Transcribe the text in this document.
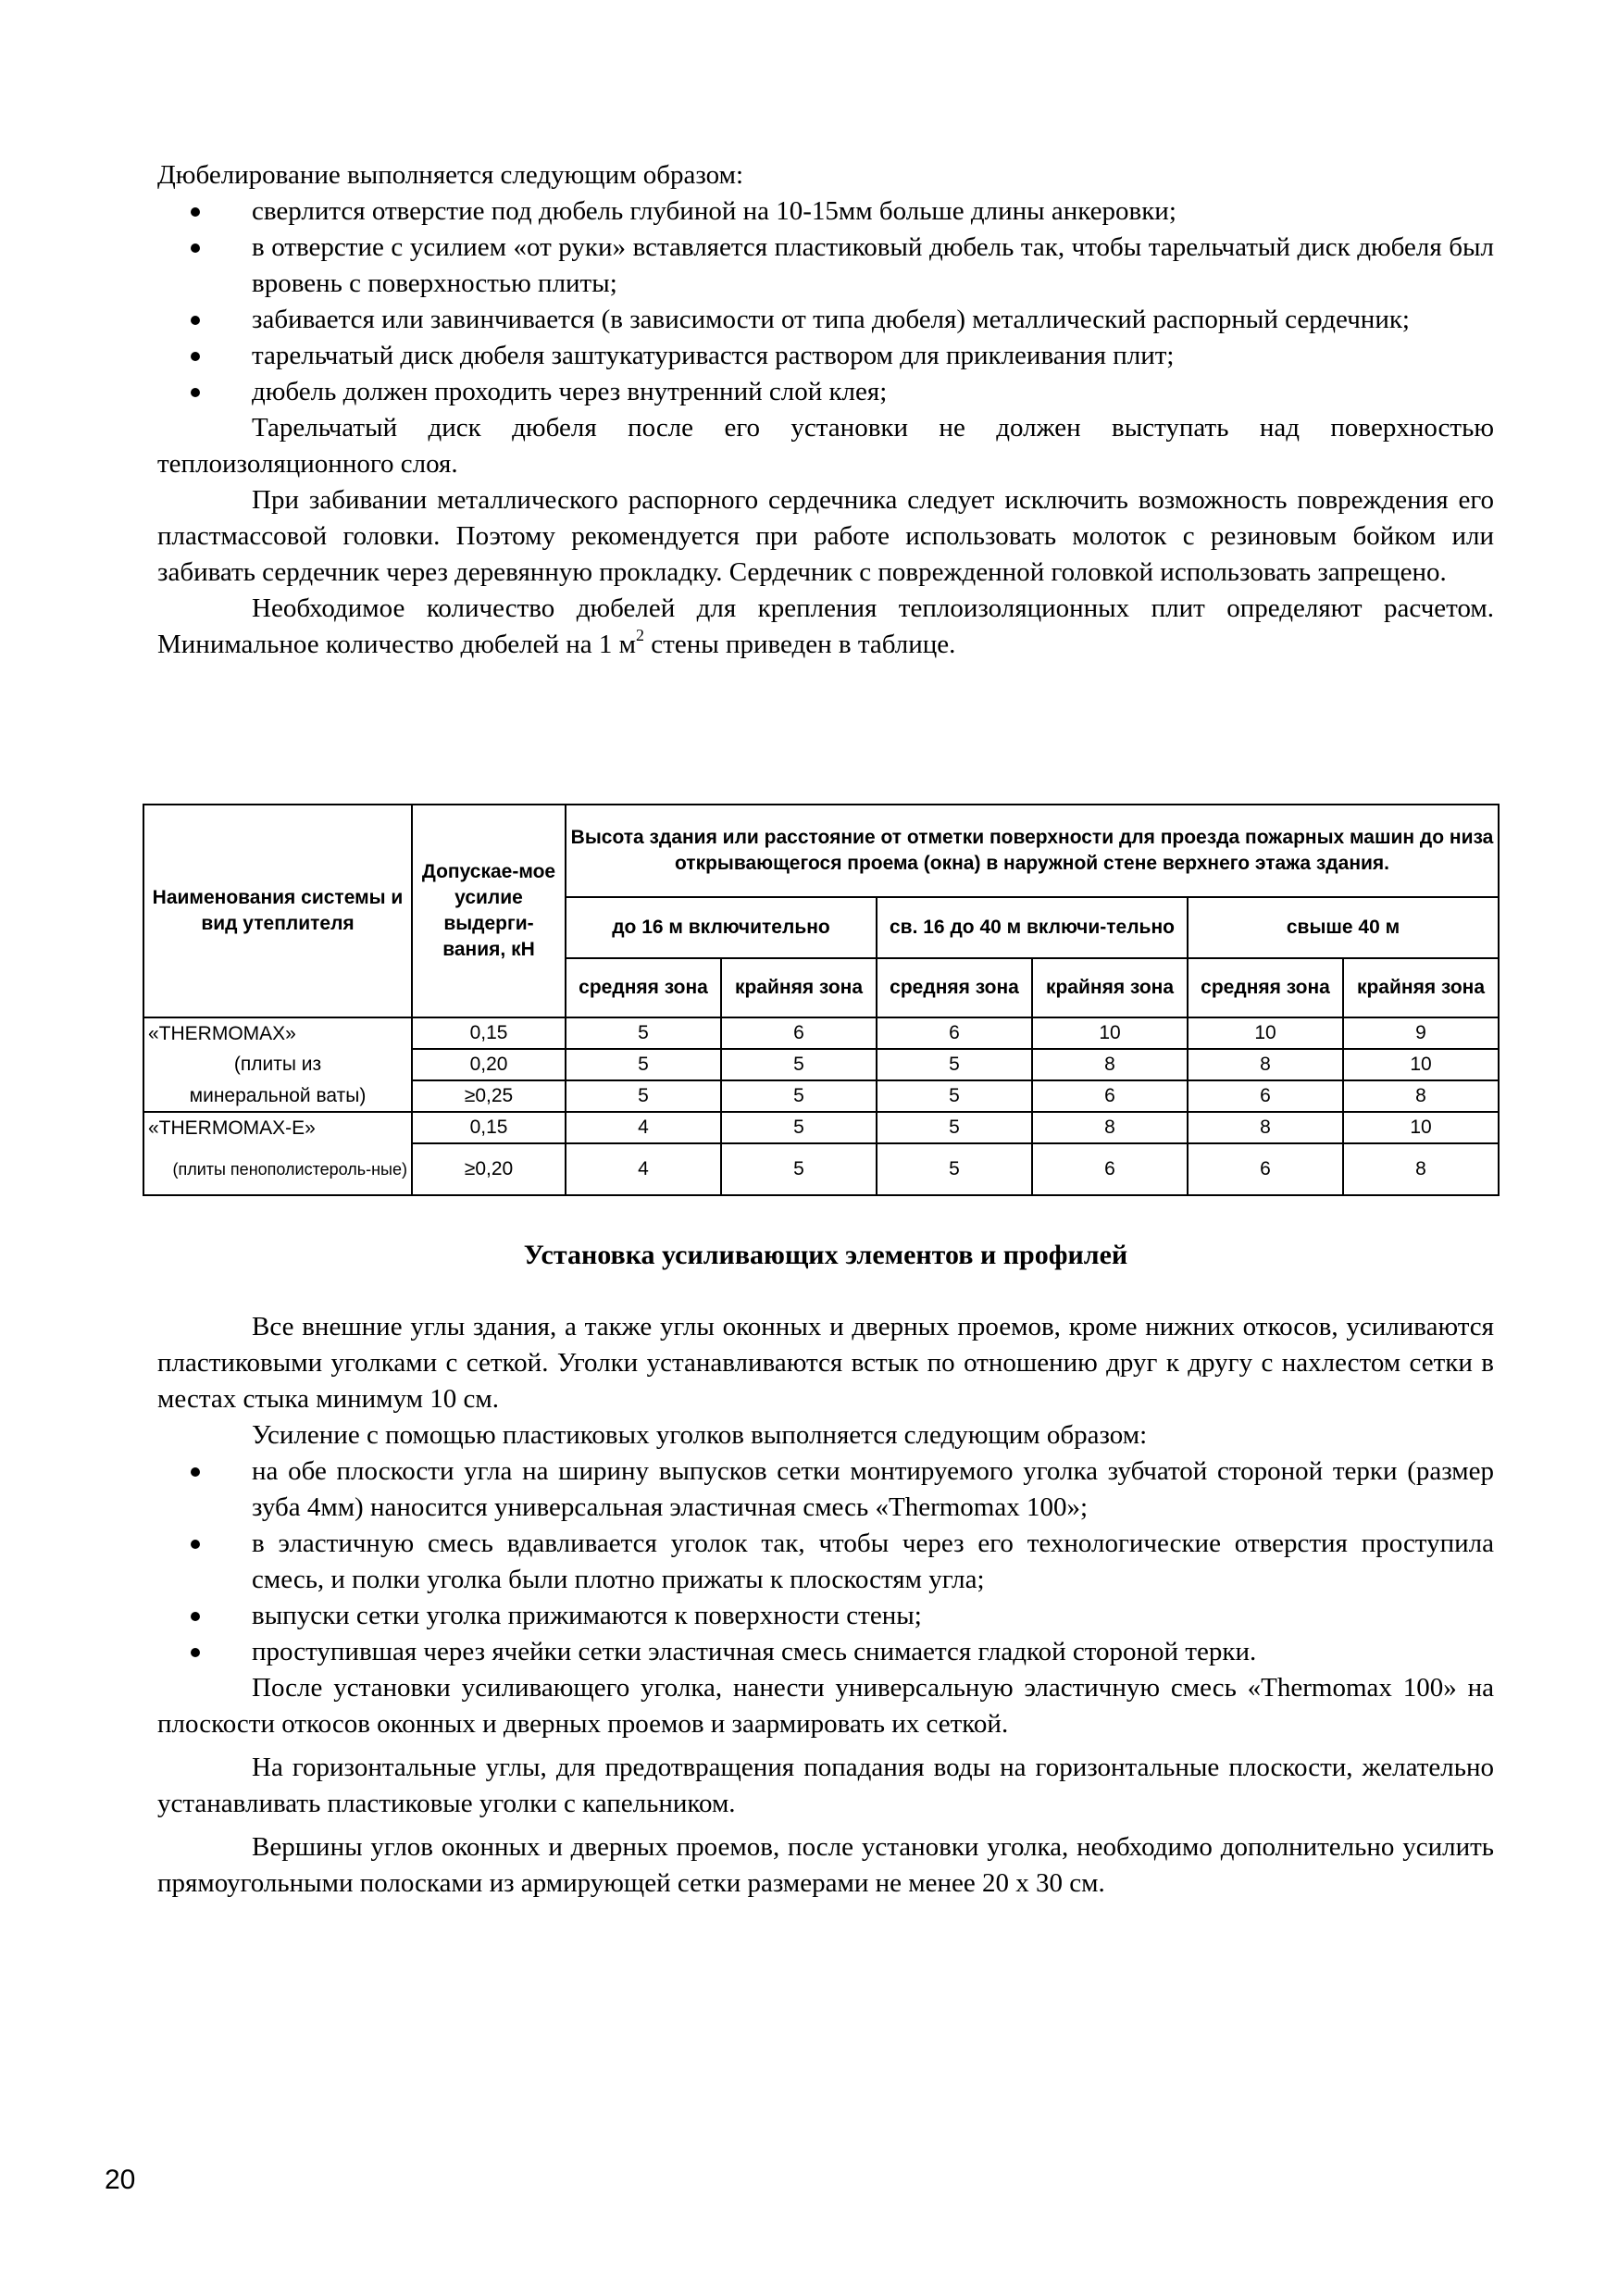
Дюбелирование выполняется следующим образом:

сверлится отверстие под дюбель глубиной на 10-15мм больше длины анкеровки;
в отверстие с усилием «от руки» вставляется пластиковый дюбель так, чтобы тарельчатый диск дюбеля был вровень с поверхностью плиты;
забивается или завинчивается (в зависимости от типа дюбеля) металлический распорный сердечник;
тарельчатый диск дюбеля заштукатуривастся раствором для приклеивания плит;
дюбель должен проходить через внутренний слой клея;

Тарельчатый диск дюбеля после его установки не должен выступать над поверхностью теплоизоляционного слоя.

При забивании металлического распорного сердечника следует исключить возможность повреждения его пластмассовой головки. Поэтому рекомендуется при работе использовать молоток с резиновым бойком или забивать сердечник через деревянную прокладку. Сердечник с поврежденной головкой использовать запрещено.

Необходимое количество дюбелей для крепления теплоизоляционных плит определяют расчетом. Минимальное количество дюбелей на 1 $м^2$ стены приведен в таблице.

Наименования системы и вид утеплителя	Допускае-мое усилие выдерги-вания, кН	Высота здания или расстояние от отметки поверхности для проезда пожарных машин до низа открывающегося проема (окна) в наружной стене верхнего этажа здания.					
		до 16 м включительно		св. 16 до 40 м включи-тельно		свыше 40 м	
		средняя зона	крайняя зона	средняя зона	крайняя зона	средняя зона	крайняя зона
«THERMOMAX»	0,15	5	6	6	10	10	9
(плиты из	0,20	5	5	5	8	8	10
минеральной ваты)	≥0,25	5	5	5	6	6	8
«THERMOMAX-E»	0,15	4	5	5	8	8	10
(плиты пенополистероль-ные)	≥0,20	4	5	5	6	6	8
Установка усиливающих элементов и профилей

Все внешние углы здания, а также углы оконных и дверных проемов, кроме нижних откосов, усиливаются пластиковыми уголками с сеткой. Уголки устанавливаются встык по отношению друг к другу с нахлестом сетки в местах стыка минимум 10 см.

Усиление с помощью пластиковых уголков выполняется следующим образом:

на обе плоскости угла на ширину выпусков сетки монтируемого уголка зубчатой стороной терки (размер зуба 4мм) наносится универсальная эластичная смесь «Thermomax 100»;
в эластичную смесь вдавливается уголок так, чтобы через его технологические отверстия проступила смесь, и полки уголка были плотно прижаты к плоскостям угла;
выпуски сетки уголка прижимаются к поверхности стены;
проступившая через ячейки сетки эластичная смесь снимается гладкой стороной терки.

После установки усиливающего уголка, нанести универсальную эластичную смесь «Thermomax 100» на плоскости откосов оконных и дверных проемов и заармировать их сеткой.

На горизонтальные углы, для предотвращения попадания воды на горизонтальные плоскости, желательно устанавливать пластиковые уголки с капельником.

Вершины углов оконных и дверных проемов, после установки уголка, необходимо дополнительно усилить прямоугольными полосками из армирующей сетки размерами не менее 20 х 30 см.

20
